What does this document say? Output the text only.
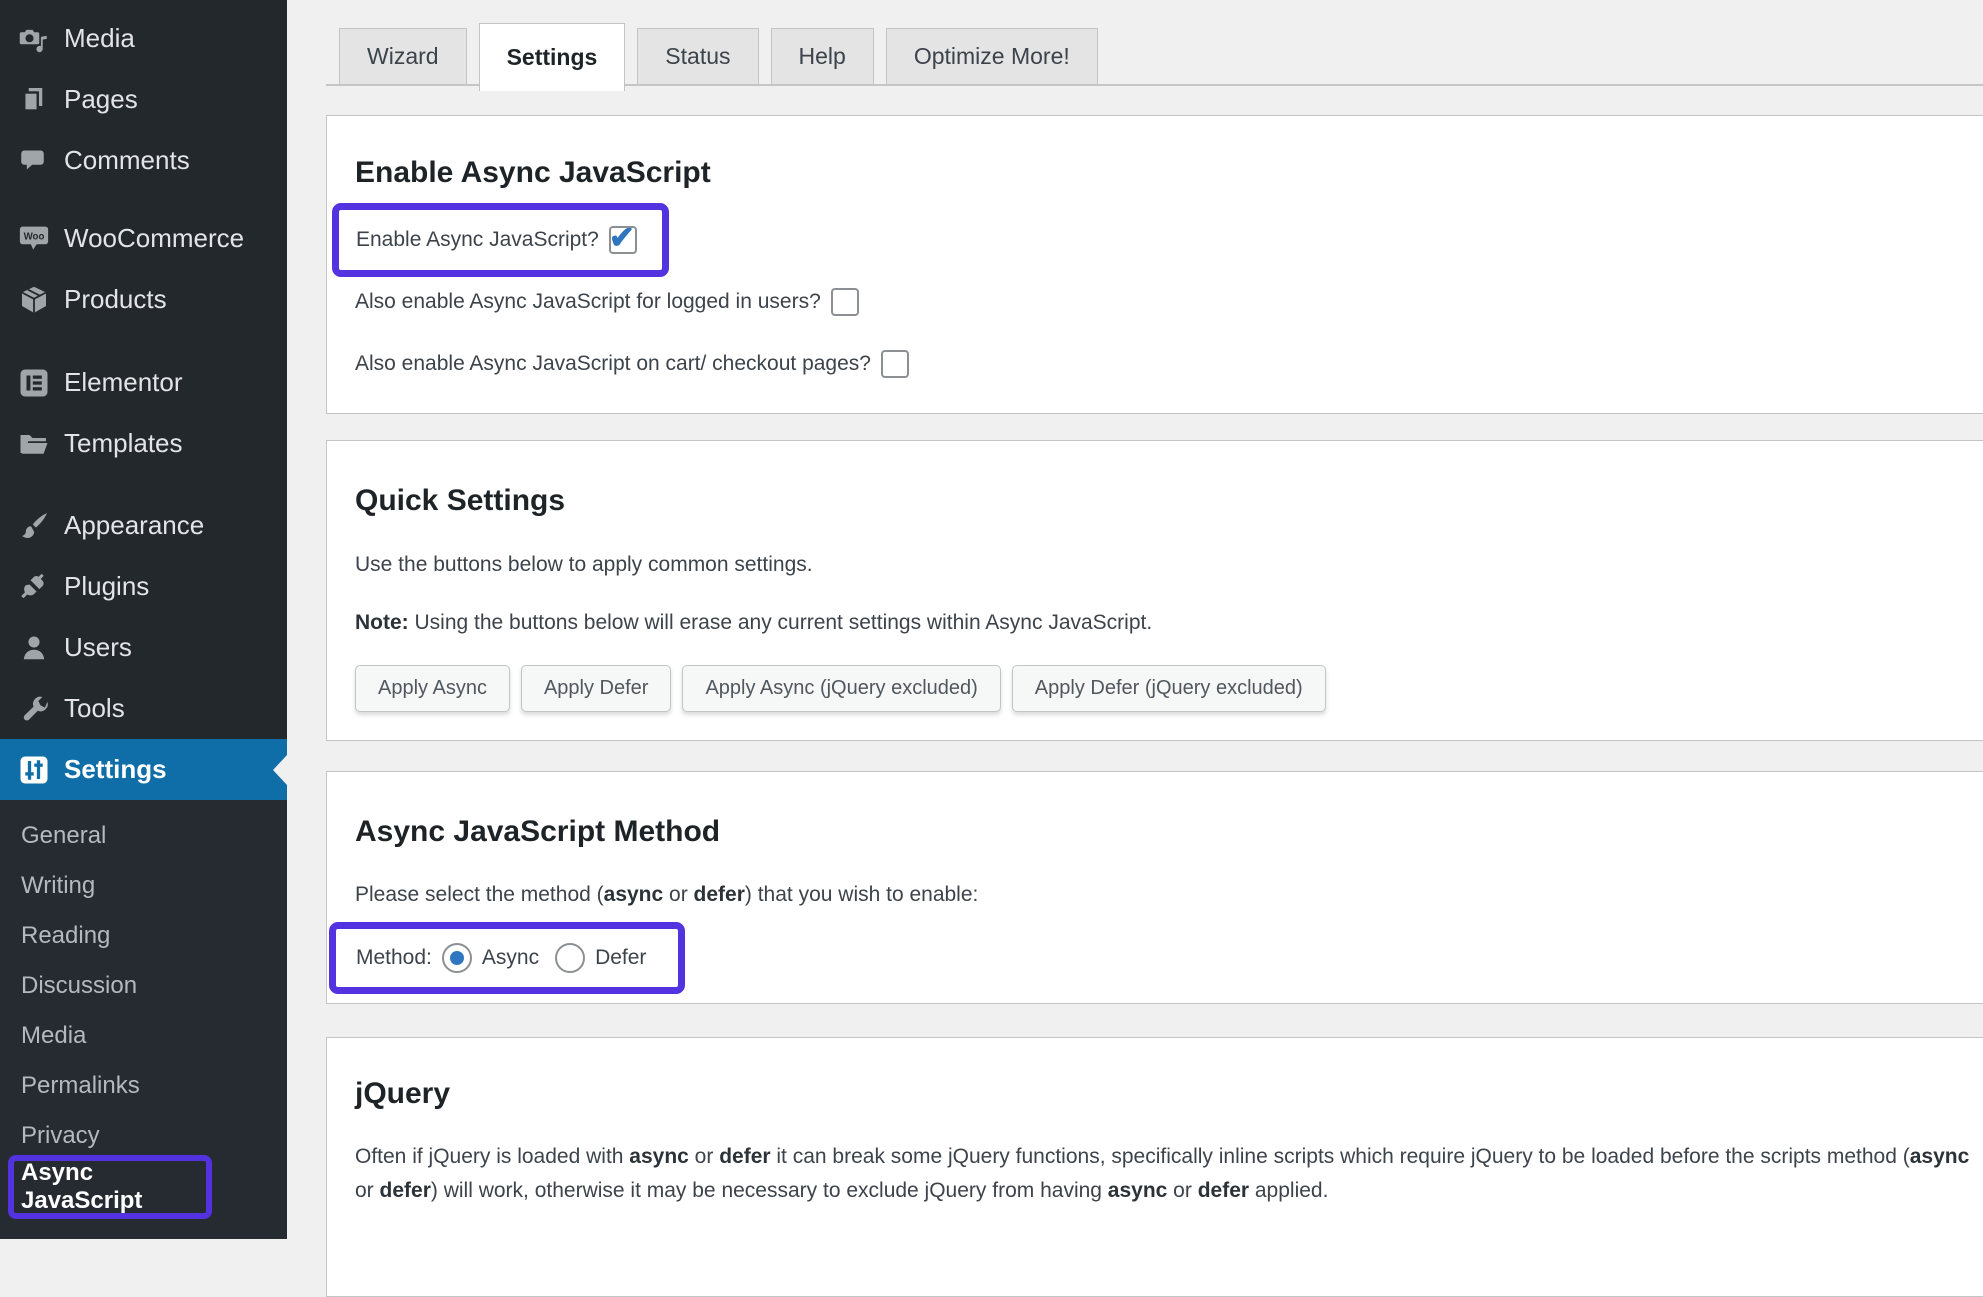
Media
Pages
Comments
Woo WooCommerce
Products
Elementor
Templates
Appearance
Plugins
Users
Tools
Settings
General
Writing
Reading
Discussion
Media
Permalinks
Privacy
Async JavaScript
Wizard	Settings	Status	Help	Optimize More!
Enable Async JavaScript
Enable Async JavaScript?
✔
Also enable Async JavaScript for logged in users?
Also enable Async JavaScript on cart/ checkout pages?
Quick Settings
Use the buttons below to apply common settings.
Note: Using the buttons below will erase any current settings within Async JavaScript.
Apply Async	Apply Defer	Apply Async (jQuery excluded)	Apply Defer (jQuery excluded)
Async JavaScript Method
Please select the method (async or defer) that you wish to enable:
Method: Async	Defer
jQuery
Often if jQuery is loaded with async or defer it can break some jQuery functions, specifically inline scripts which require jQuery to be loaded before the scripts method (async or defer) will work, otherwise it may be necessary to exclude jQuery from having async or defer applied.
